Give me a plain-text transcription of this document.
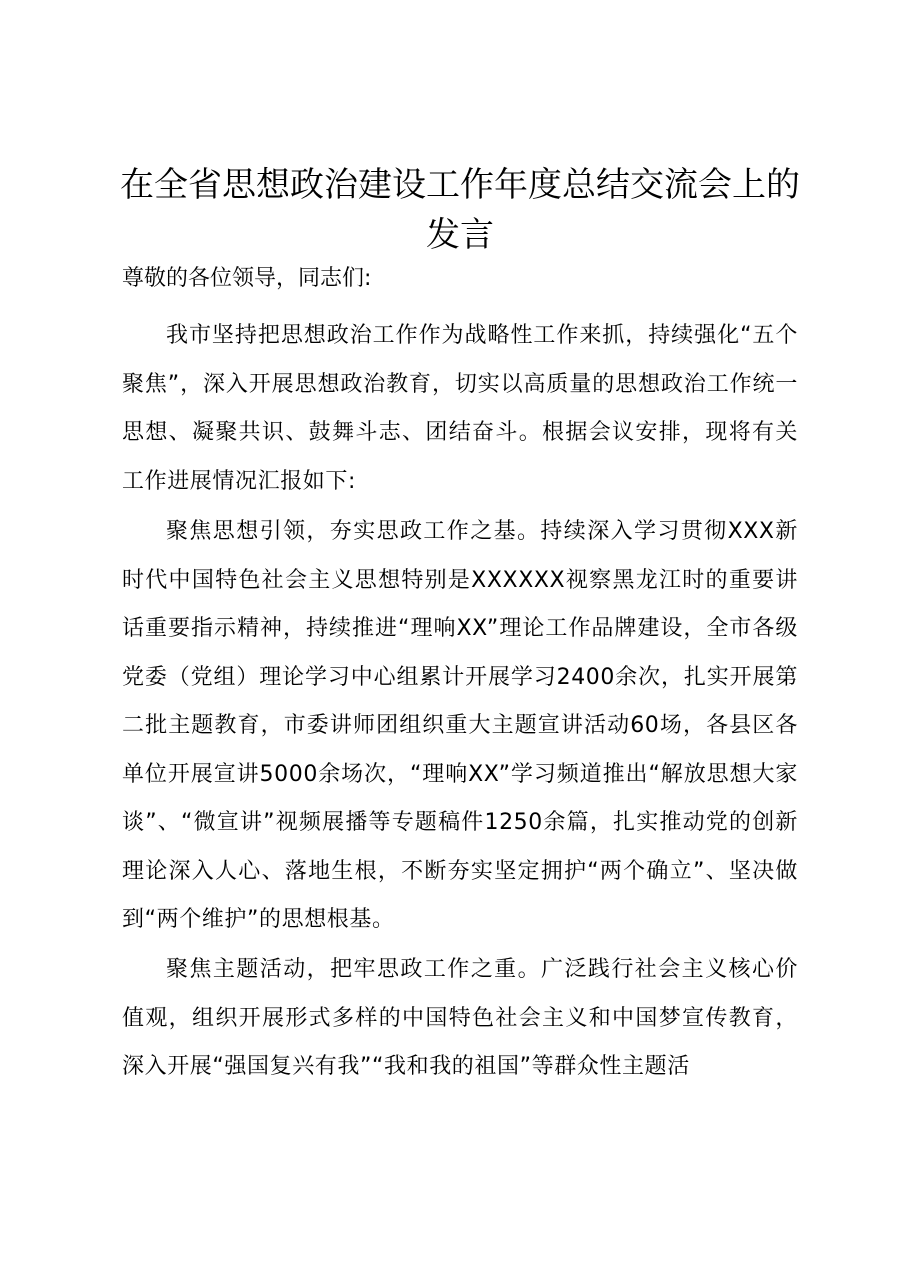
在全省思想政治建设工作年度总结交流会上的发言

尊敬的各位领导，同志们:

我市坚持把思想政治工作作为战略性工作来抓，持续强化“五个聚焦”，深入开展思想政治教育，切实以高质量的思想政治工作统一思想、凝聚共识、鼓舞斗志、团结奋斗。根据会议安排，现将有关工作进展情况汇报如下:

聚焦思想引领，夯实思政工作之基。持续深入学习贯彻XXX新时代中国特色社会主义思想特别是XXXXXX视察黑龙江时的重要讲话重要指示精神，持续推进“理响XX”理论工作品牌建设，全市各级党委（党组）理论学习中心组累计开展学习2400余次，扎实开展第二批主题教育，市委讲师团组织重大主题宣讲活动60场，各县区各单位开展宣讲5000余场次，“理响XX”学习频道推出“解放思想大家谈”、“微宣讲”视频展播等专题稿件1250余篇，扎实推动党的创新理论深入人心、落地生根，不断夯实坚定拥护“两个确立”、坚决做到“两个维护”的思想根基。

聚焦主题活动，把牢思政工作之重。广泛践行社会主义核心价值观，组织开展形式多样的中国特色社会主义和中国梦宣传教育，深入开展“强国复兴有我”“我和我的祖国”等群众性主题活
